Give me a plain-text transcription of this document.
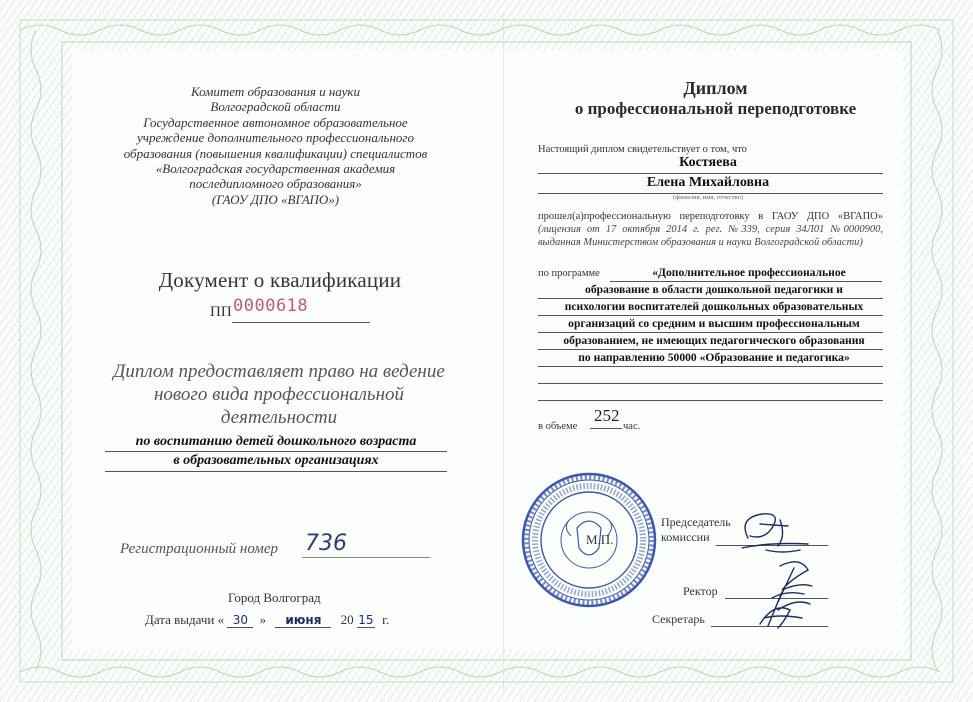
Комитет образования и науки
Волгоградской области
Государственное автономное образовательное
учреждение дополнительного профессионального
образования (повышения квалификации) специалистов
«Волгоградская государственная академия
последипломного образования»
(ГАОУ ДПО «ВГАПО»)
Документ о квалификации
ПП 0000618
Диплом предоставляет право на ведение
нового вида профессиональной
деятельности
по воспитанию детей дошкольного возраста
в образовательных организациях
Регистрационный номер 736
Город Волгоград
Дата выдачи « 30 » июня 20 15 г.
Диплом
о профессиональной переподготовке
Настоящий диплом свидетельствует о том, что
Костяева
Елена Михайловна
(фамилия, имя, отчество)
прошел(а)профессиональную переподготовку в ГАОУ ДПО «ВГАПО» (лицензия от 17 октября 2014 г. рег. №339, серия 34Л01 №0000900, выданная Министерством образования и науки Волгоградской области)
по программе	«Дополнительное профессиональное
образование в области дошкольной педагогики и
психологии воспитателей дошкольных образовательных
организаций со средним и высшим профессиональным
образованием, не имеющих педагогического образования
по направлению 50000 «Образование и педагогика»
в объеме
252
час.
М.П.
Председатель
комиссии
Ректор
Секретарь
